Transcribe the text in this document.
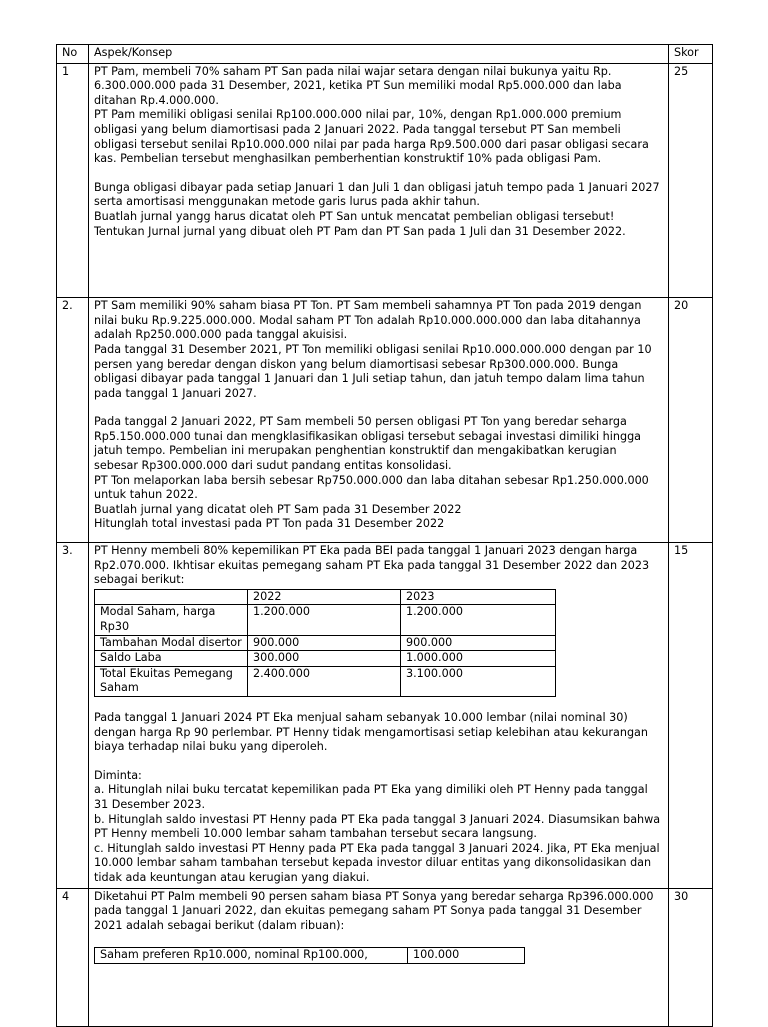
No	Aspek/Konsep	Skor
1	PT Pam, membeli 70% saham PT San pada nilai wajar setara dengan nilai bukunya yaitu Rp. 6.300.000.000 pada 31 Desember, 2021, ketika PT Sun memiliki modal Rp5.000.000 dan laba ditahan Rp.4.000.000.

PT Pam memiliki obligasi senilai Rp100.000.000 nilai par, 10%, dengan Rp1.000.000 premium obligasi yang belum diamortisasi pada 2 Januari 2022. Pada tanggal tersebut PT San membeli obligasi tersebut senilai Rp10.000.000 nilai par pada harga Rp9.500.000 dari pasar obligasi secara kas. Pembelian tersebut menghasilkan pemberhentian konstruktif 10% pada obligasi Pam.

Bunga obligasi dibayar pada setiap Januari 1 dan Juli 1 dan obligasi jatuh tempo pada 1 Januari 2027 serta amortisasi menggunakan metode garis lurus pada akhir tahun.

Buatlah jurnal yangg harus dicatat oleh PT San untuk mencatat pembelian obligasi tersebut!

Tentukan Jurnal jurnal yang dibuat oleh PT Pam dan PT San pada 1 Juli dan 31 Desember 2022.

	25
2.	PT Sam memiliki 90% saham biasa PT Ton. PT Sam membeli sahamnya PT Ton pada 2019 dengan nilai buku Rp.9.225.000.000. Modal saham PT Ton adalah Rp10.000.000.000 dan laba ditahannya adalah Rp250.000.000 pada tanggal akuisisi.

Pada tanggal 31 Desember 2021, PT Ton memiliki obligasi senilai Rp10.000.000.000 dengan par 10 persen yang beredar dengan diskon yang belum diamortisasi sebesar Rp300.000.000. Bunga obligasi dibayar pada tanggal 1 Januari dan 1 Juli setiap tahun, dan jatuh tempo dalam lima tahun pada tanggal 1 Januari 2027.

Pada tanggal 2 Januari 2022, PT Sam membeli 50 persen obligasi PT Ton yang beredar seharga Rp5.150.000.000 tunai dan mengklasifikasikan obligasi tersebut sebagai investasi dimiliki hingga jatuh tempo. Pembelian ini merupakan penghentian konstruktif dan mengakibatkan kerugian sebesar Rp300.000.000 dari sudut pandang entitas konsolidasi.

PT Ton melaporkan laba bersih sebesar Rp750.000.000 dan laba ditahan sebesar Rp1.250.000.000 untuk tahun 2022.

Buatlah jurnal yang dicatat oleh PT Sam pada 31 Desember 2022

Hitunglah total investasi pada PT Ton pada 31 Desember 2022

	20
3.	PT Henny membeli 80% kepemilikan PT Eka pada BEI pada tanggal 1 Januari 2023 dengan harga Rp2.070.000. Ikhtisar ekuitas pemegang saham PT Eka pada tanggal 31 Desember 2022 dan 2023 sebagai berikut:

	2022	2023
Modal Saham, harga Rp30	1.200.000	1.200.000
Tambahan Modal disertor	900.000	900.000
Saldo Laba	300.000	1.000.000
Total Ekuitas Pemegang Saham	2.400.000	3.100.000

Pada tanggal 1 Januari 2024 PT Eka menjual saham sebanyak 10.000 lembar (nilai nominal 30) dengan harga Rp 90 perlembar. PT Henny tidak mengamortisasi setiap kelebihan atau kekurangan biaya terhadap nilai buku yang diperoleh.

Diminta:

a. Hitunglah nilai buku tercatat kepemilikan pada PT Eka yang dimiliki oleh PT Henny pada tanggal 31 Desember 2023.

b. Hitunglah saldo investasi PT Henny pada PT Eka pada tanggal 3 Januari 2024. Diasumsikan bahwa PT Henny membeli 10.000 lembar saham tambahan tersebut secara langsung.

c. Hitunglah saldo investasi PT Henny pada PT Eka pada tanggal 3 Januari 2024. Jika, PT Eka menjual 10.000 lembar saham tambahan tersebut kepada investor diluar entitas yang dikonsolidasikan dan tidak ada keuntungan atau kerugian yang diakui.

	15
4	Diketahui PT Palm membeli 90 persen saham biasa PT Sonya yang beredar seharga Rp396.000.000 pada tanggal 1 Januari 2022, dan ekuitas pemegang saham PT Sonya pada tanggal 31 Desember 2021 adalah sebagai berikut (dalam ribuan):

Saham preferen Rp10.000, nominal Rp100.000,	100.000
	30
